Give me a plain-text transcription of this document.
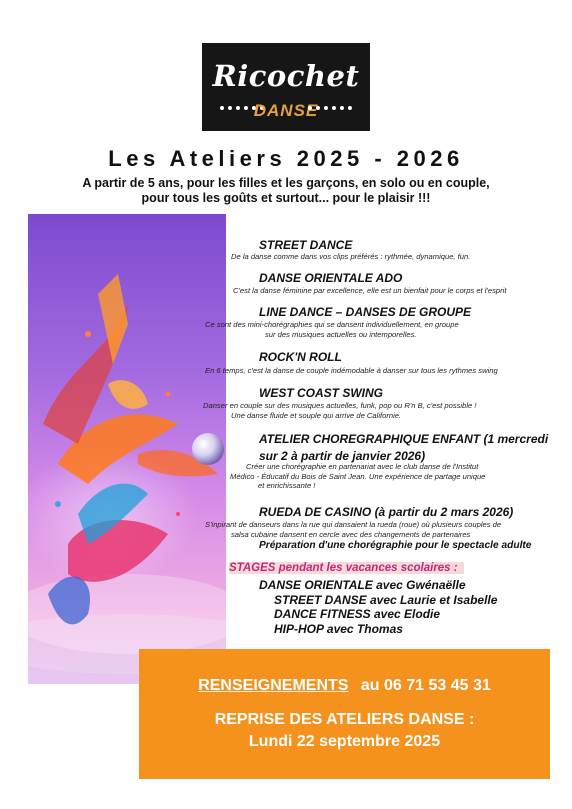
Ricochet
DANSE
Les Ateliers 2025 - 2026
A partir de 5 ans, pour les filles et les garçons, en solo ou en couple,
pour tous les goûts et surtout... pour le plaisir !!!
STREET DANCE
De la danse comme dans vos clips préférés : rythmée, dynamique, fun.
DANSE ORIENTALE ADO
C'est la danse féminine par excellence, elle est un bienfait pour le corps et l'esprit
LINE DANCE – DANSES DE GROUPE
Ce sont des mini-chorégraphies qui se dansent individuellement, en groupe
sur des musiques actuelles ou intemporelles.
ROCK'N ROLL
En 6 temps, c'est la danse de couple indémodable à danser sur tous les rythmes swing
WEST COAST SWING
Danser en couple sur des musiques actuelles, funk, pop ou R'n B, c'est possible !
Une danse fluide et souple qui arrive de Californie.
ATELIER CHOREGRAPHIQUE ENFANT (1 mercredi
sur 2 à partir de janvier 2026)
Créer une chorégraphie en partenariat avec le club danse de l'Institut
Médico - Éducatif du Bois de Saint Jean. Une expérience de partage unique
et enrichissante !
RUEDA DE CASINO (à partir du 2 mars 2026)
S'inpirant de danseurs dans la rue qui dansaient la rueda (roue) où plusieurs couples de
salsa cubaine dansent en cercle avec des changements de partenaires
Préparation d'une chorégraphie pour le spectacle adulte
STAGES pendant les vacances scolaires :
DANSE ORIENTALE avec Gwénaëlle
STREET DANSE avec Laurie et Isabelle
DANCE FITNESS avec Elodie
HIP-HOP avec Thomas
RENSEIGNEMENTS au 06 71 53 45 31
REPRISE DES ATELIERS DANSE :
Lundi 22 septembre 2025
